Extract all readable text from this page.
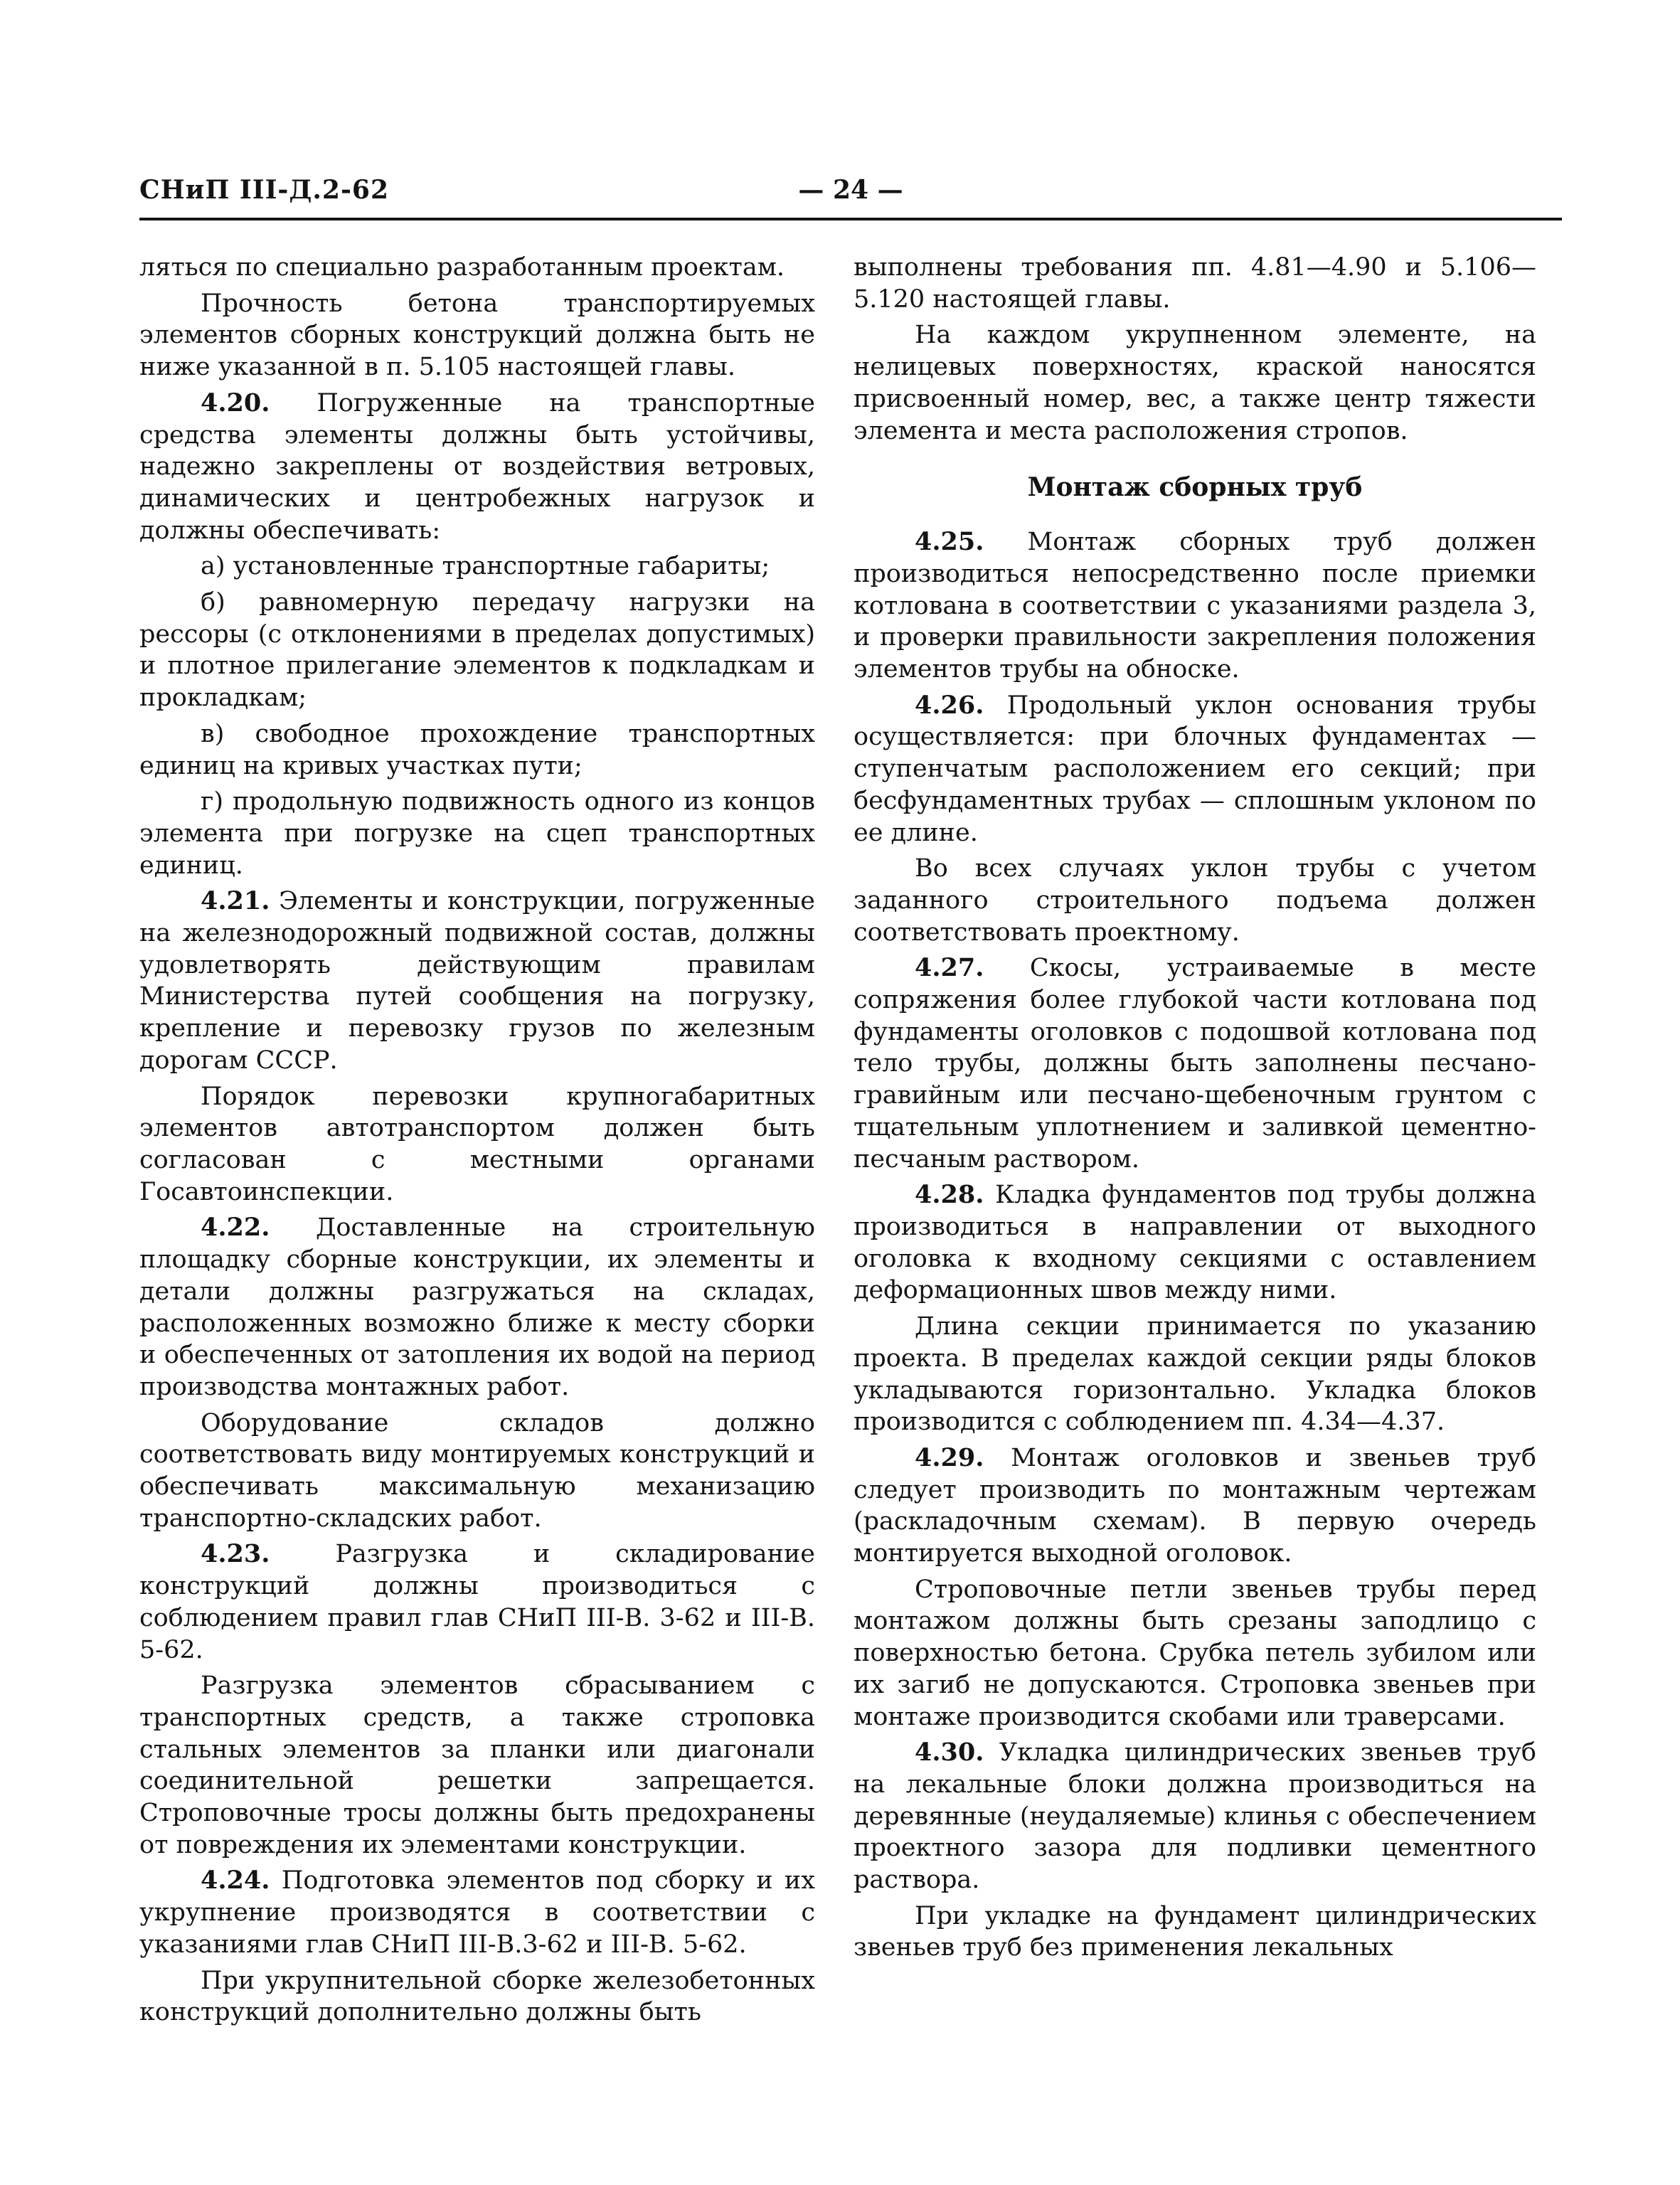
СНиП III-Д.2-62	— 24 —

ляться по специально разработанным проектам.

Прочность бетона транспортируемых элементов сборных конструкций должна быть не ниже указанной в п. 5.105 настоящей главы.

4.20. Погруженные на транспортные средства элементы должны быть устойчивы, надежно закреплены от воздействия ветровых, динамических и центробежных нагрузок и должны обеспечивать:

а) установленные транспортные габариты;

б) равномерную передачу нагрузки на рессоры (с отклонениями в пределах допустимых) и плотное прилегание элементов к подкладкам и прокладкам;

в) свободное прохождение транспортных единиц на кривых участках пути;

г) продольную подвижность одного из концов элемента при погрузке на сцеп транспортных единиц.

4.21. Элементы и конструкции, погруженные на железнодорожный подвижной состав, должны удовлетворять действующим правилам Министерства путей сообщения на погрузку, крепление и перевозку грузов по железным дорогам СССР.

Порядок перевозки крупногабаритных элементов автотранспортом должен быть согласован с местными органами Госавтоинспекции.

4.22. Доставленные на строительную площадку сборные конструкции, их элементы и детали должны разгружаться на складах, расположенных возможно ближе к месту сборки и обеспеченных от затопления их водой на период производства монтажных работ.

Оборудование складов должно соответствовать виду монтируемых конструкций и обеспечивать максимальную механизацию транспортно-складских работ.

4.23.	Разгрузка и складирование конструкций должны производиться с соблюдением правил глав СНиП III-В. 3-62 и III-В. 5-62.

Разгрузка элементов сбрасыванием с транспортных средств, а также строповка стальных элементов за планки или диагонали соединительной решетки запрещается. Строповочные тросы должны быть предохранены от повреждения их элементами конструкции.

4.24. Подготовка элементов под сборку и их укрупнение производятся в соответствии с указаниями глав СНиП III-В.3-62 и III-В. 5-62.

При укрупнительной сборке железобетонных конструкций дополнительно должны быть

выполнены требования пп. 4.81—4.90 и 5.106—5.120 настоящей главы.

На каждом укрупненном элементе, на нелицевых поверхностях, краской наносятся присвоенный номер, вес, а также центр тяжести элемента и места расположения стропов.

Монтаж сборных труб

4.25. Монтаж сборных труб должен производиться непосредственно после приемки котлована в соответствии с указаниями раздела 3, и проверки правильности закрепления положения элементов трубы на обноске.

4.26. Продольный уклон основания трубы осуществляется: при блочных фундаментах — ступенчатым расположением его секций; при бесфундаментных трубах — сплошным уклоном по ее длине.

Во всех случаях уклон трубы с учетом заданного строительного подъема должен соответствовать проектному.

4.27. Скосы, устраиваемые в месте сопряжения более глубокой части котлована под фундаменты оголовков с подошвой котлована под тело трубы, должны быть заполнены песчано-гравийным или песчано-щебеночным грунтом с тщательным уплотнением и заливкой цементно-песчаным раствором.

4.28. Кладка фундаментов под трубы должна производиться в направлении от выходного оголовка к входному секциями с оставлением деформационных швов между ними.

Длина секции принимается по указанию проекта. В пределах каждой секции ряды блоков укладываются горизонтально. Укладка блоков производится с соблюдением пп. 4.34—4.37.

4.29. Монтаж оголовков и звеньев труб следует производить по монтажным чертежам (раскладочным схемам). В первую очередь монтируется выходной оголовок.

Строповочные петли звеньев трубы перед монтажом должны быть срезаны заподлицо с поверхностью бетона. Срубка петель зубилом или их загиб не допускаются. Строповка звеньев при монтаже производится скобами или траверсами.

4.30. Укладка цилиндрических звеньев труб на лекальные блоки должна производиться на деревянные (неудаляемые) клинья с обеспечением проектного зазора для подливки цементного раствора.

При укладке на фундамент цилиндрических звеньев труб без применения лекальных
